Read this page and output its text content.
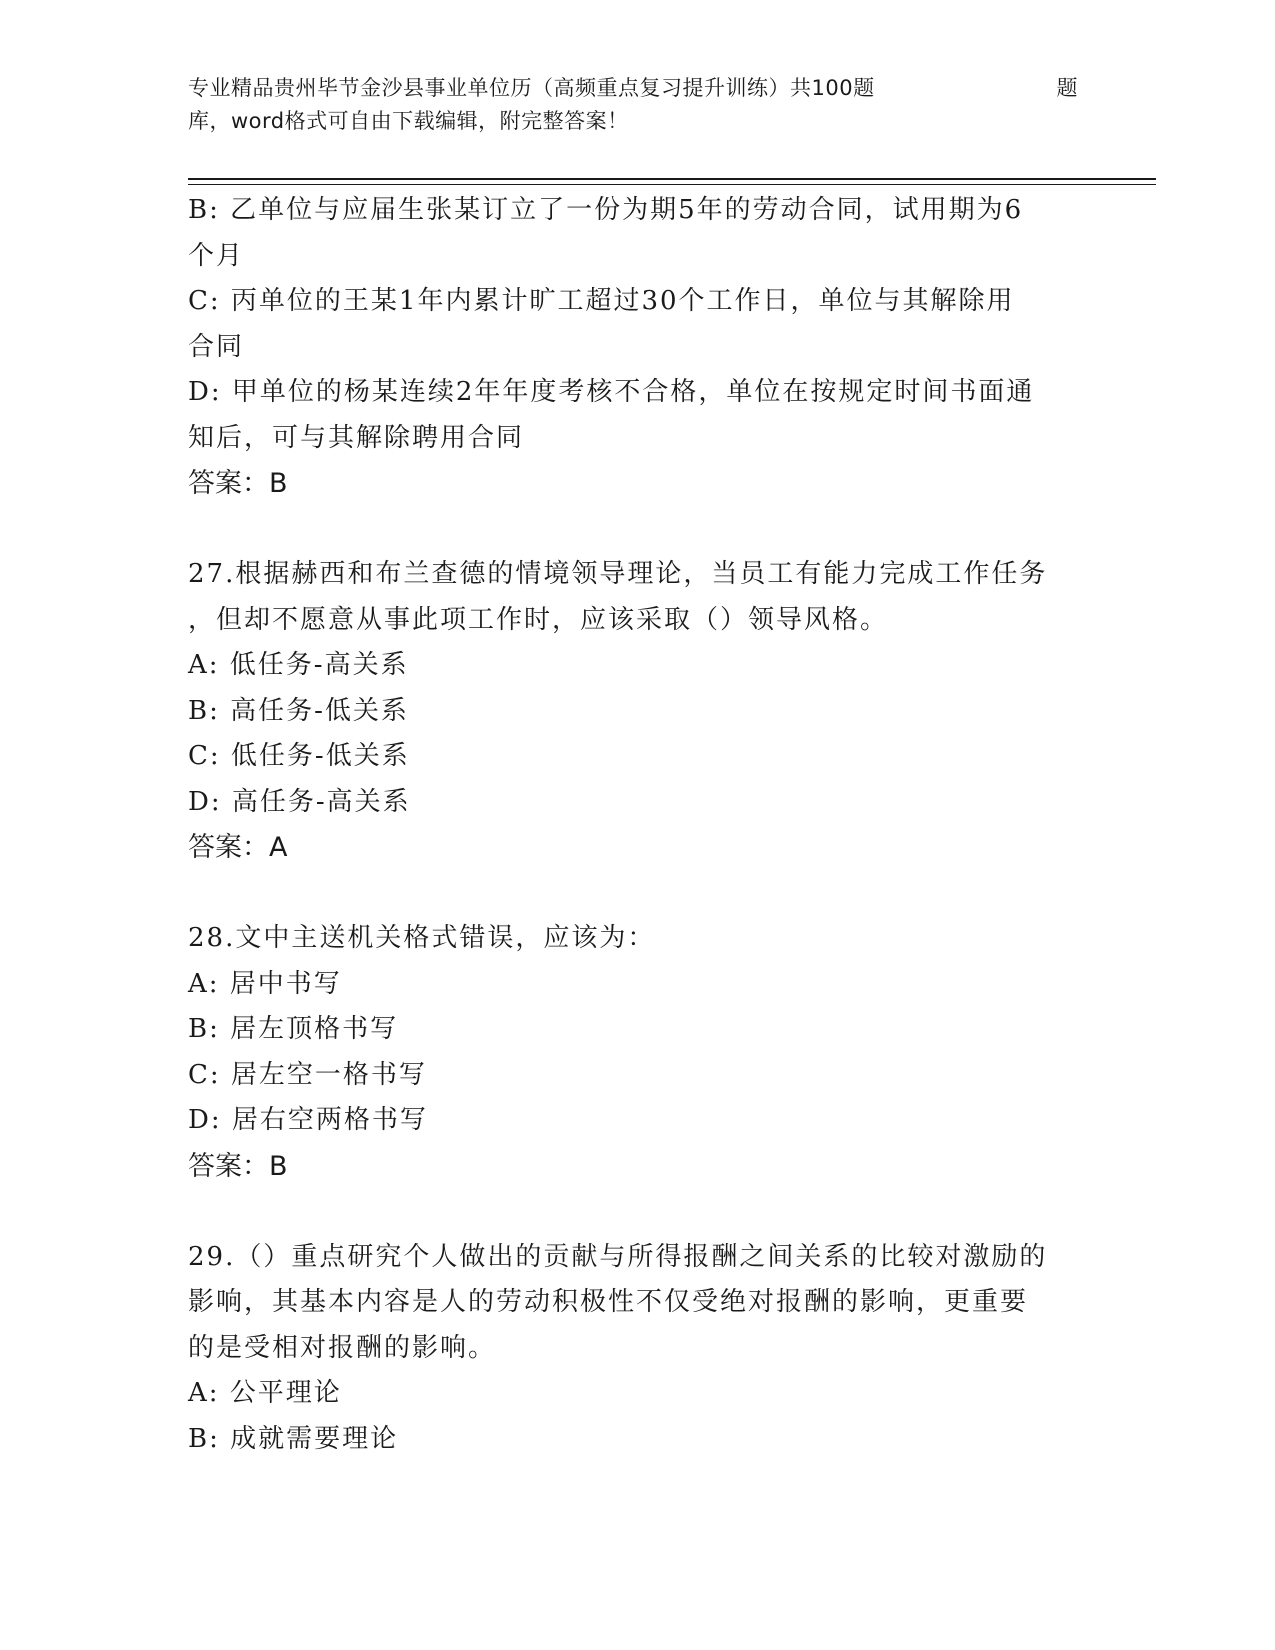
专业精品贵州毕节金沙县事业单位历（高频重点复习提升训练）共100题	题
库，word格式可自由下载编辑，附完整答案！
B: 乙单位与应届生张某订立了一份为期5年的劳动合同，试用期为6
个月
C: 丙单位的王某1年内累计旷工超过30个工作日，单位与其解除用
合同
D: 甲单位的杨某连续2年年度考核不合格，单位在按规定时间书面通
知后，可与其解除聘用合同
答案：B
27.根据赫西和布兰查德的情境领导理论，当员工有能力完成工作任务
，但却不愿意从事此项工作时，应该采取（）领导风格。
A: 低任务-高关系
B: 高任务-低关系
C: 低任务-低关系
D: 高任务-高关系
答案：A
28.文中主送机关格式错误，应该为：
A: 居中书写
B: 居左顶格书写
C: 居左空一格书写
D: 居右空两格书写
答案：B
29.（）重点研究个人做出的贡献与所得报酬之间关系的比较对激励的
影响，其基本内容是人的劳动积极性不仅受绝对报酬的影响，更重要
的是受相对报酬的影响。
A: 公平理论
B: 成就需要理论
